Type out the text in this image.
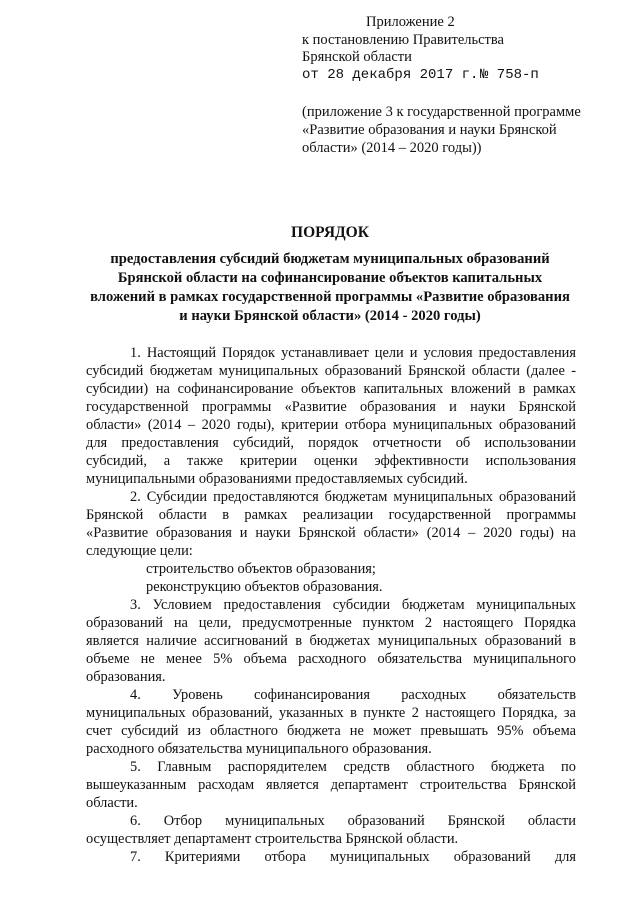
Приложение 2
к постановлению Правительства
Брянской области
от 28 декабря 2017 г. № 758-п
(приложение 3 к государственной программе
«Развитие образования и науки Брянской
области» (2014 – 2020 годы))
ПОРЯДОК
предоставления субсидий бюджетам муниципальных образований
Брянской области на софинансирование объектов капитальных
вложений в рамках государственной программы «Развитие образования
и науки Брянской области» (2014 - 2020 годы)
1. Настоящий Порядок устанавливает цели и условия предоставления
субсидий бюджетам муниципальных образований Брянской области (далее -
субсидии) на софинансирование объектов капитальных вложений в рамках
государственной программы «Развитие образования и науки Брянской
области» (2014 – 2020 годы), критерии отбора муниципальных образований
для предоставления субсидий, порядок отчетности об использовании
субсидий, а также критерии оценки эффективности использования
муниципальными образованиями предоставляемых субсидий.
2. Субсидии предоставляются бюджетам муниципальных образований
Брянской области в рамках реализации государственной программы
«Развитие образования и науки Брянской области» (2014 – 2020 годы) на
следующие цели:
строительство объектов образования;
реконструкцию объектов образования.
3. Условием предоставления субсидии бюджетам муниципальных
образований на цели, предусмотренные пунктом 2 настоящего Порядка
является наличие ассигнований в бюджетах муниципальных образований в
объеме не менее 5% объема расходного обязательства муниципального
образования.
4. Уровень софинансирования расходных обязательств
муниципальных образований, указанных в пункте 2 настоящего Порядка, за
счет субсидий из областного бюджета не может превышать 95% объема
расходного обязательства муниципального образования.
5. Главным распорядителем средств областного бюджета по
вышеуказанным расходам является департамент строительства Брянской
области.
6. Отбор муниципальных образований Брянской области
осуществляет департамент строительства Брянской области.
7. Критериями отбора муниципальных образований для
